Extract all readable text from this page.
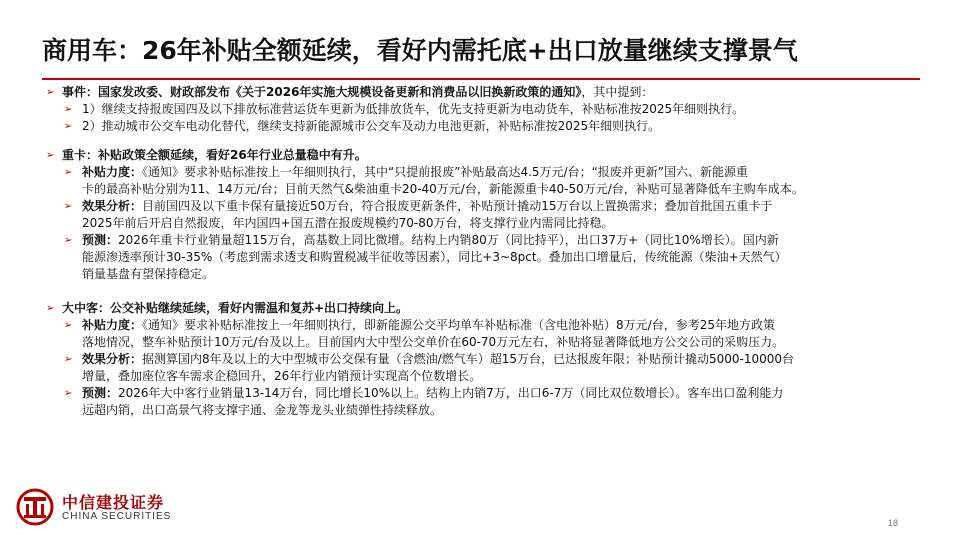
商用车：26年补贴全额延续，看好内需托底+出口放量继续支撑景气
➢ 事件：国家发改委、财政部发布《关于2026年实施大规模设备更新和消费品以旧换新政策的通知》，其中提到：
➢ 1）继续支持报废国四及以下排放标准营运货车更新为低排放货车，优先支持更新为电动货车，补贴标准按2025年细则执行。
➢ 2）推动城市公交车电动化替代，继续支持新能源城市公交车及动力电池更新，补贴标准按2025年细则执行。
➢ 重卡：补贴政策全额延续，看好26年行业总量稳中有升。
➢ 补贴力度：《通知》要求补贴标准按上一年细则执行，其中“只提前报废”补贴最高达4.5万元/台；“报废并更新”国六、新能源重
卡的最高补贴分别为11、14万元/台；目前天然气&柴油重卡20-40万元/台，新能源重卡40-50万元/台，补贴可显著降低车主购车成本。
➢ 效果分析：目前国四及以下重卡保有量接近50万台，符合报废更新条件，补贴预计撬动15万台以上置换需求；叠加首批国五重卡于
2025年前后开启自然报废，年内国四+国五潜在报废规模约70-80万台，将支撑行业内需同比持稳。
➢ 预测：2026年重卡行业销量超115万台，高基数上同比微增。结构上内销80万（同比持平），出口37万+（同比10%增长）。国内新
能源渗透率预计30-35%（考虑到需求透支和购置税减半征收等因素），同比+3~8pct。叠加出口增量后，传统能源（柴油+天然气）
销量基盘有望保持稳定。
➢ 大中客：公交补贴继续延续，看好内需温和复苏+出口持续向上。
➢ 补贴力度：《通知》要求补贴标准按上一年细则执行，即新能源公交平均单车补贴标准（含电池补贴）8万元/台，参考25年地方政策
落地情况，整车补贴预计10万元/台及以上。目前国内大中型公交单价在60-70万元左右，补贴将显著降低地方公交公司的采购压力。
➢ 效果分析：据测算国内8年及以上的大中型城市公交保有量（含燃油/燃气车）超15万台，已达报废年限；补贴预计撬动5000-10000台
增量，叠加座位客车需求企稳回升，26年行业内销预计实现高个位数增长。
➢ 预测：2026年大中客行业销量13-14万台，同比增长10%以上。结构上内销7万，出口6-7万（同比双位数增长）。客车出口盈利能力
远超内销，出口高景气将支撑宇通、金龙等龙头业绩弹性持续释放。
中信建投证券
CHINA SECURITIES
18
